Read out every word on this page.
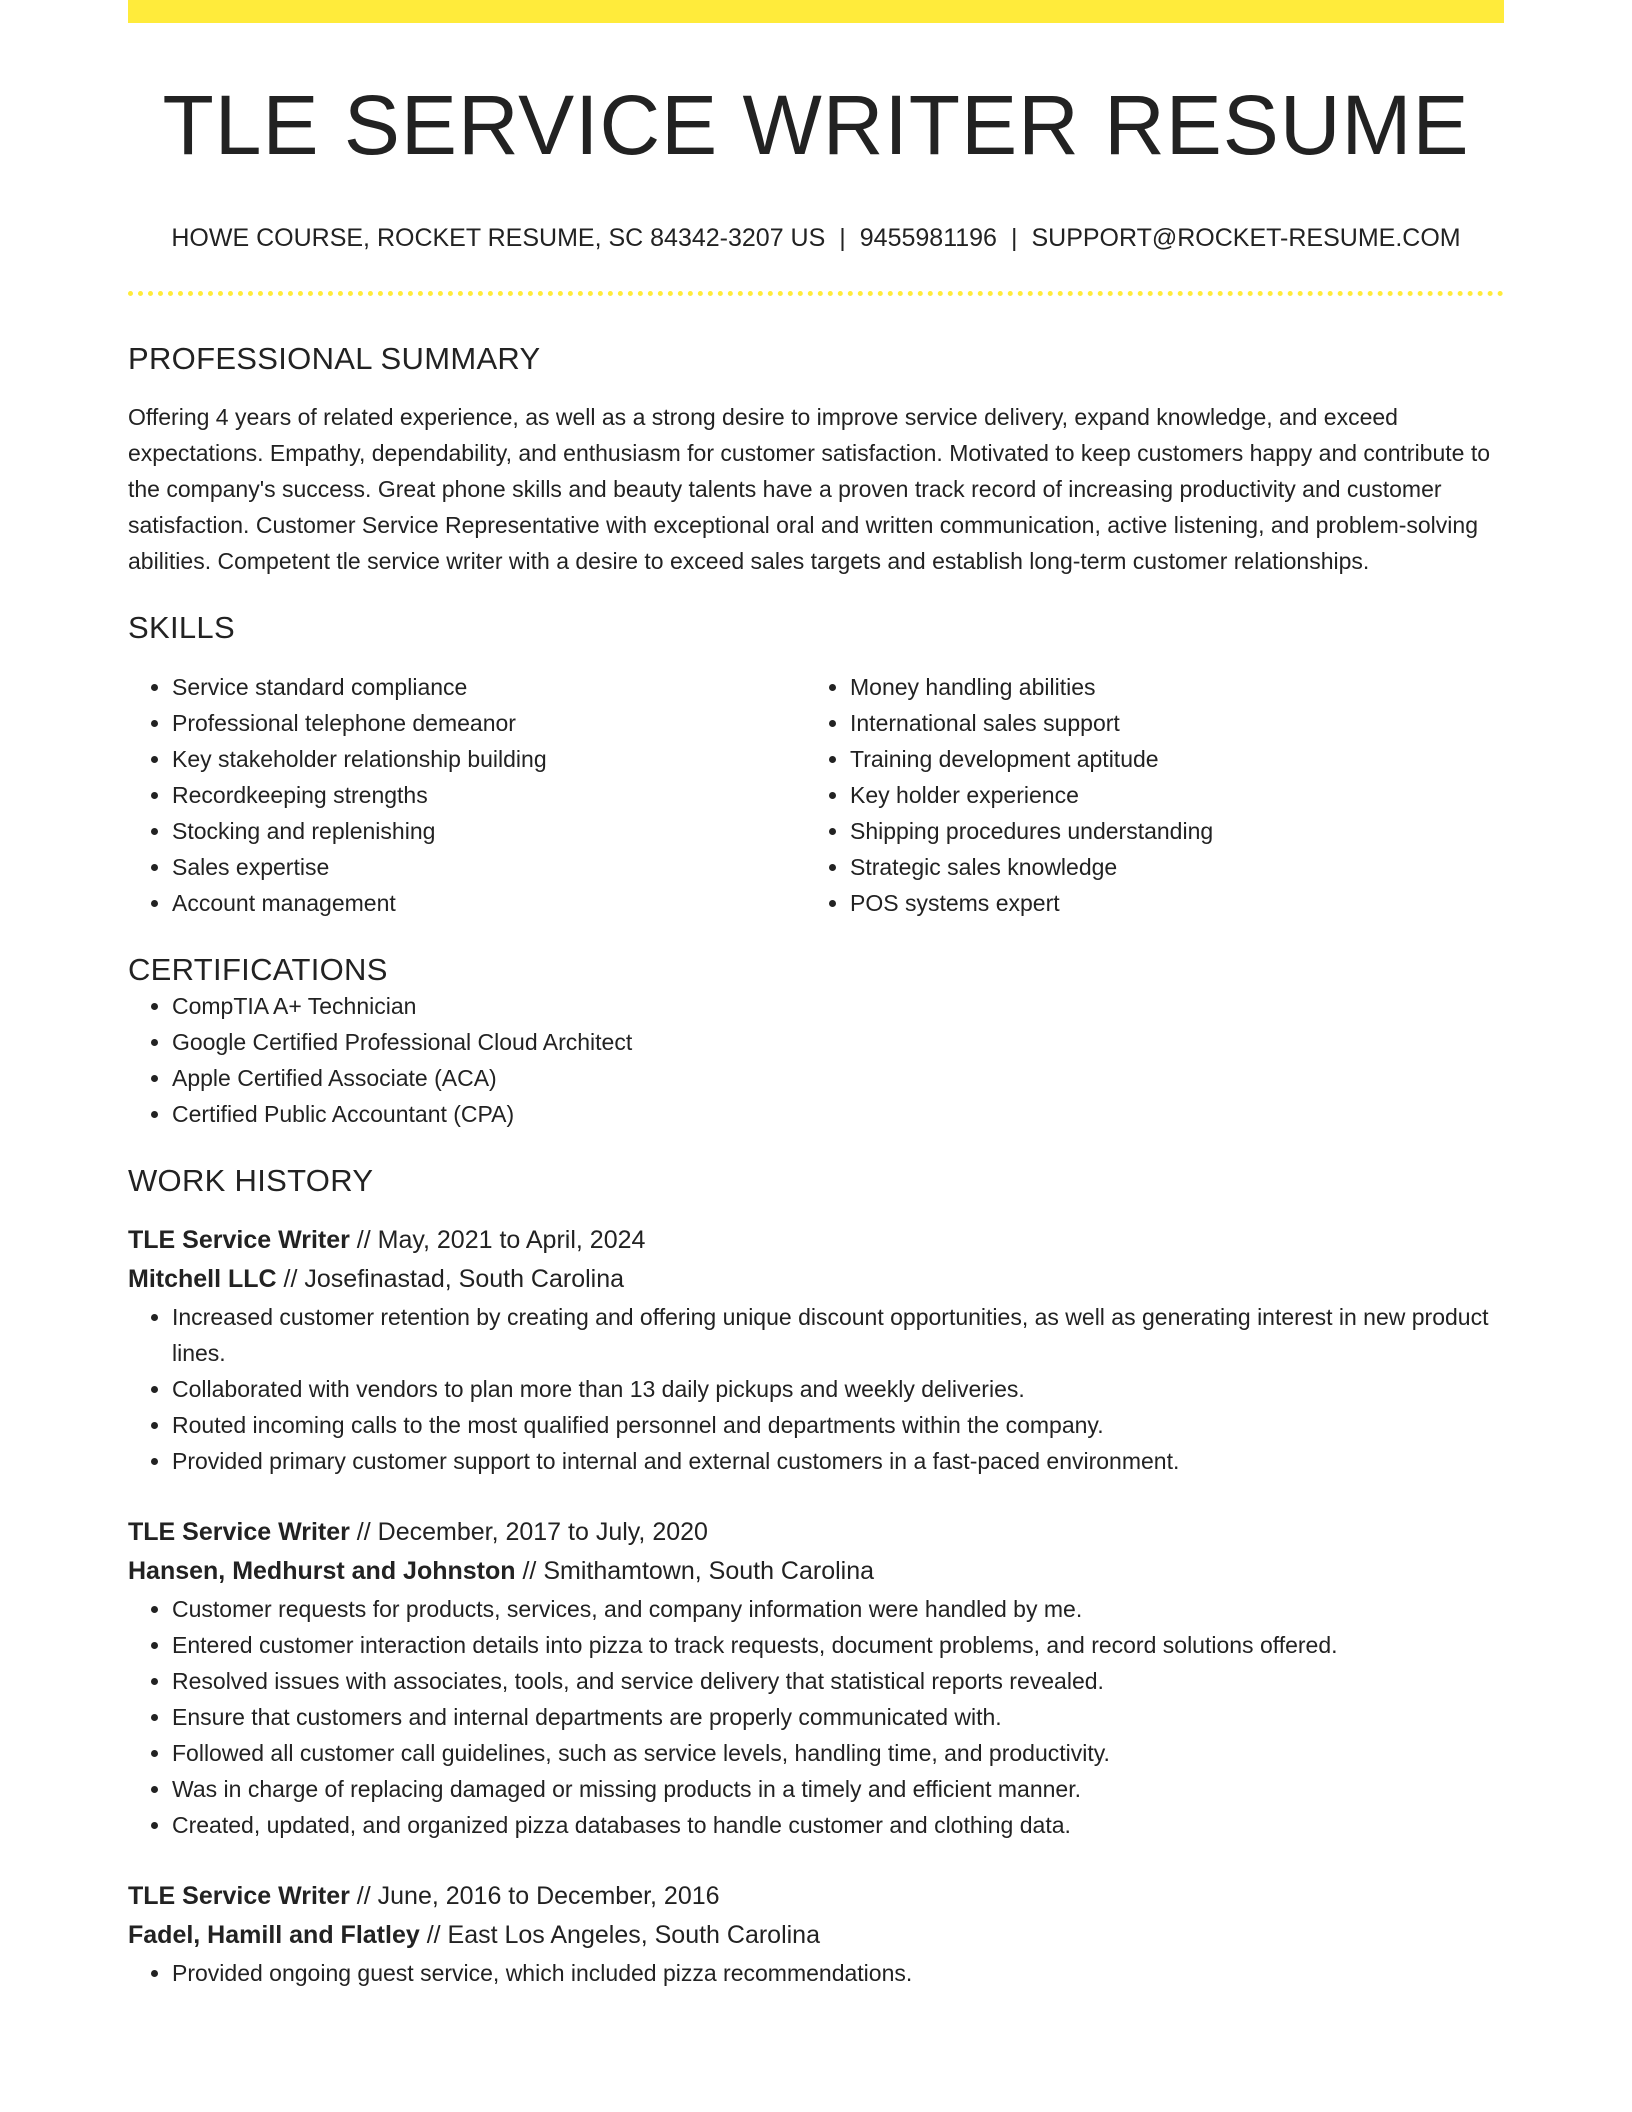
TLE SERVICE WRITER RESUME
HOWE COURSE, ROCKET RESUME, SC 84342-3207 US | 9455981196 | SUPPORT@ROCKET-RESUME.COM
PROFESSIONAL SUMMARY

Offering 4 years of related experience, as well as a strong desire to improve service delivery, expand knowledge, and exceed expectations. Empathy, dependability, and enthusiasm for customer satisfaction. Motivated to keep customers happy and contribute to the company's success. Great phone skills and beauty talents have a proven track record of increasing productivity and customer satisfaction. Customer Service Representative with exceptional oral and written communication, active listening, and problem-solving abilities. Competent tle service writer with a desire to exceed sales targets and establish long-term customer relationships.

SKILLS
• Service standard compliance
• Professional telephone demeanor
• Key stakeholder relationship building
• Recordkeeping strengths
• Stocking and replenishing
• Sales expertise
• Account management
• Money handling abilities
• International sales support
• Training development aptitude
• Key holder experience
• Shipping procedures understanding
• Strategic sales knowledge
• POS systems expert
CERTIFICATIONS
• CompTIA A+ Technician
• Google Certified Professional Cloud Architect
• Apple Certified Associate (ACA)
• Certified Public Accountant (CPA)
WORK HISTORY
TLE Service Writer // May, 2021 to April, 2024
Mitchell LLC // Josefinastad, South Carolina
• Increased customer retention by creating and offering unique discount opportunities, as well as generating interest in new product lines.
• Collaborated with vendors to plan more than 13 daily pickups and weekly deliveries.
• Routed incoming calls to the most qualified personnel and departments within the company.
• Provided primary customer support to internal and external customers in a fast-paced environment.
TLE Service Writer // December, 2017 to July, 2020
Hansen, Medhurst and Johnston // Smithamtown, South Carolina
• Customer requests for products, services, and company information were handled by me.
• Entered customer interaction details into pizza to track requests, document problems, and record solutions offered.
• Resolved issues with associates, tools, and service delivery that statistical reports revealed.
• Ensure that customers and internal departments are properly communicated with.
• Followed all customer call guidelines, such as service levels, handling time, and productivity.
• Was in charge of replacing damaged or missing products in a timely and efficient manner.
• Created, updated, and organized pizza databases to handle customer and clothing data.
TLE Service Writer // June, 2016 to December, 2016
Fadel, Hamill and Flatley // East Los Angeles, South Carolina
• Provided ongoing guest service, which included pizza recommendations.
